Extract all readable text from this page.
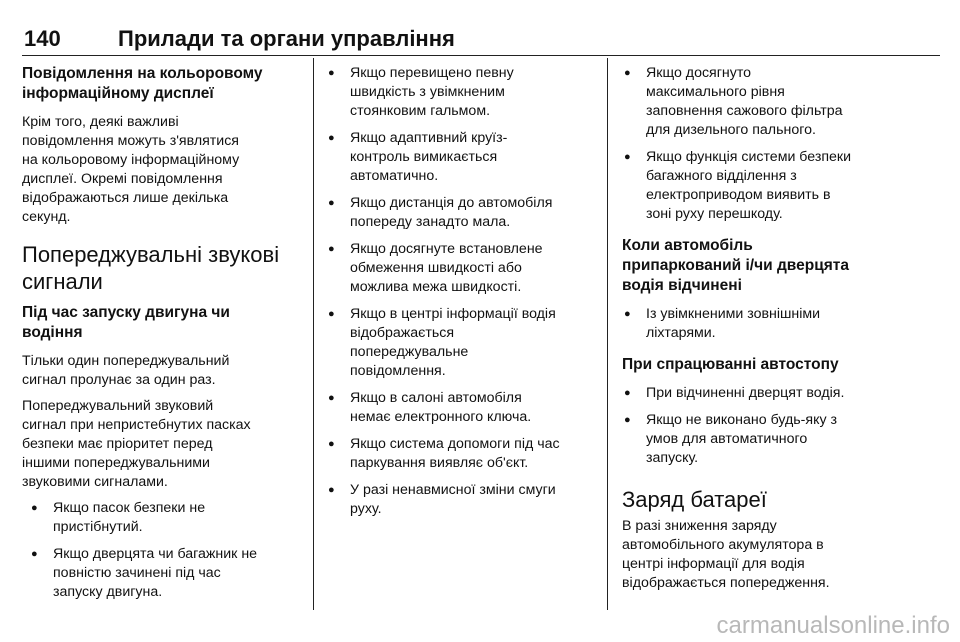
140	Прилади та органи управління
Повідомлення на кольоровому
інформаційному дисплеї
Крім того, деякі важливі
повідомлення можуть з'являтися
на кольоровому інформаційному
дисплеї. Окремі повідомлення
відображаються лише декілька
секунд.
Попереджувальні звукові
сигнали
Під час запуску двигуна чи
водіння
Тільки один попереджувальний
сигнал пролунає за один раз.
Попереджувальний звуковий
сигнал при непристебнутих пасках
безпеки має пріоритет перед
іншими попереджувальними
звуковими сигналами.
● Якщо пасок безпеки не
пристібнутий.
● Якщо дверцята чи багажник не
повністю зачинені під час
запуску двигуна.
● Якщо перевищено певну
швидкість з увімкненим
стоянковим гальмом.
● Якщо адаптивний круїз-
контроль вимикається
автоматично.
● Якщо дистанція до автомобіля
попереду занадто мала.
● Якщо досягнуте встановлене
обмеження швидкості або
можлива межа швидкості.
● Якщо в центрі інформації водія
відображається
попереджувальне
повідомлення.
● Якщо в салоні автомобіля
немає електронного ключа.
● Якщо система допомоги під час
паркування виявляє об'єкт.
● У разі ненавмисної зміни смуги
руху.
● Якщо досягнуто
максимального рівня
заповнення сажового фільтра
для дизельного пального.
● Якщо функція системи безпеки
багажного відділення з
електроприводом виявить в
зоні руху перешкоду.
Коли автомобіль
припаркований і/чи дверцята
водія відчинені
● Із увімкненими зовнішніми
ліхтарями.
При спрацюванні автостопу
● При відчиненні дверцят водія.
● Якщо не виконано будь-яку з
умов для автоматичного
запуску.
Заряд батареї
В разі зниження заряду
автомобільного акумулятора в
центрі інформації для водія
відображається попередження.
carmanualsonline.info
